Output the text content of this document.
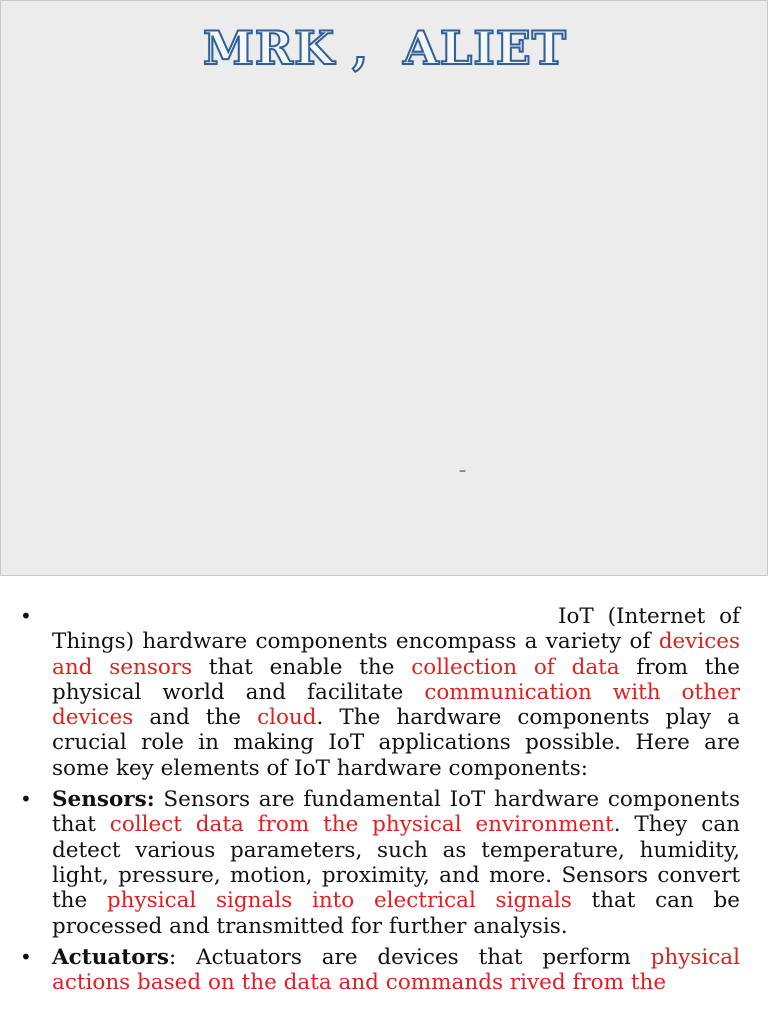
MRK ,  ALIET
–
•	IoT (Internet of Things) hardware components encompass a variety of devices and sensors that enable the collection of data from the physical world and facilitate communication with other devices and the cloud. The hardware components play a crucial role in making IoT applications possible. Here are some key elements of IoT hardware components:
• Sensors: Sensors are fundamental IoT hardware components that collect data from the physical environment. They can detect various parameters, such as temperature, humidity, light, pressure, motion, proximity, and more. Sensors convert the physical signals into electrical signals that can be processed and transmitted for further analysis.
• Actuators: Actuators are devices that perform physical actions based on the data and commands rived from the
